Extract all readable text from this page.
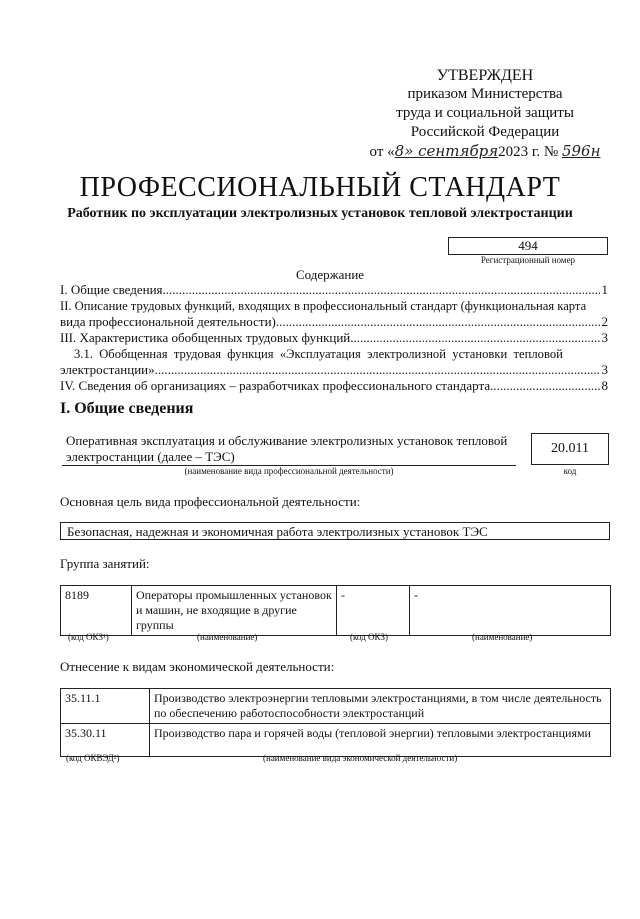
УТВЕРЖДЕН
приказом Министерства
труда и социальной защиты
Российской Федерации
от «8» сентября2023 г. № 596н
ПРОФЕССИОНАЛЬНЫЙ СТАНДАРТ
Работник по эксплуатации электролизных установок тепловой электростанции
494
Регистрационный номер
Содержание
I. Общие сведения .....	1
II. Описание трудовых функций, входящих в профессиональный стандарт (функциональная карта
вида профессиональной деятельности) .....	2
III. Характеристика обобщенных трудовых функций .....	3
3.1.  Обобщенная  трудовая  функция  «Эксплуатация  электролизной  установки  тепловой
электростанции» .....	3
IV. Сведения об организациях – разработчиках профессионального стандарта .....	8
I. Общие сведения
Оперативная эксплуатация и обслуживание электролизных установок тепловой электростанции (далее – ТЭС)
(наименование вида профессиональной деятельности)
20.011
код
Основная цель вида профессиональной деятельности:
Безопасная, надежная и экономичная работа электролизных установок ТЭС
Группа занятий:
8189	Операторы промышленных установок и машин, не входящие в другие группы	-	-
(код ОКЗ¹)	(наименование)	(код ОКЗ)	(наименование)
Отнесение к видам экономической деятельности:
35.11.1	Производство электроэнергии тепловыми электростанциями, в том числе деятельность по обеспечению работоспособности электростанций
35.30.11	Производство пара и горячей воды (тепловой энергии) тепловыми электростанциями
(код ОКВЭД²)	(наименование вида экономической деятельности)
